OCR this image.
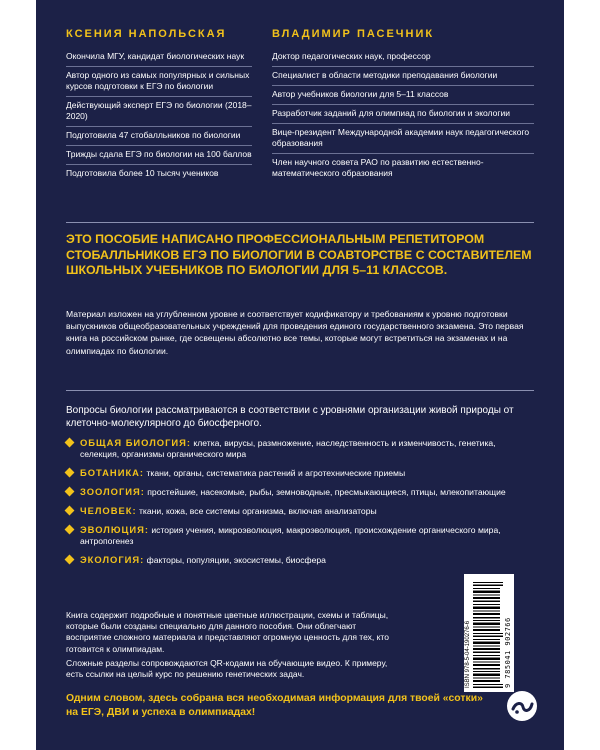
КСЕНИЯ НАПОЛЬСКАЯ
Окончила МГУ, кандидат биологических наук
Автор одного из самых популярных и сильных курсов подготовки к ЕГЭ по биологии
Действующий эксперт ЕГЭ по биологии (2018–2020)
Подготовила 47 стобалльников по биологии
Трижды сдала ЕГЭ по биологии на 100 баллов
Подготовила более 10 тысяч учеников
ВЛАДИМИР ПАСЕЧНИК
Доктор педагогических наук, профессор
Специалист в области методики преподавания биологии
Автор учебников биологии для 5–11 классов
Разработчик заданий для олимпиад по биологии и экологии
Вице-президент Международной академии наук педагогического образования
Член научного совета РАО по развитию естественно-математического образования

ЭТО ПОСОБИЕ НАПИСАНО ПРОФЕССИОНАЛЬНЫМ РЕПЕТИТОРОМ СТОБАЛЛЬНИКОВ ЕГЭ ПО БИОЛОГИИ В СОАВТОРСТВЕ С СОСТАВИТЕЛЕМ ШКОЛЬНЫХ УЧЕБНИКОВ ПО БИОЛОГИИ ДЛЯ 5–11 КЛАССОВ.

Материал изложен на углубленном уровне и соответствует кодификатору и требованиям к уровню подготовки выпускников общеобразовательных учреждений для проведения единого государственного экзамена. Это первая книга на российском рынке, где освещены абсолютно все темы, которые могут встретиться на экзаменах и на олимпиадах по биологии.

Вопросы биологии рассматриваются в соответствии с уровнями организации живой природы от клеточно-молекулярного до биосферного.

ОБЩАЯ БИОЛОГИЯ: клетка, вирусы, размножение, наследственность и изменчивость, генетика, селекция, организмы органического мира
БОТАНИКА: ткани, органы, систематика растений и агротехнические приемы
ЗООЛОГИЯ: простейшие, насекомые, рыбы, земноводные, пресмыкающиеся, птицы, млекопитающие
ЧЕЛОВЕК: ткани, кожа, все системы организма, включая анализаторы
ЭВОЛЮЦИЯ: история учения, микроэволюция, макроэволюция, происхождение органического мира, антропогенез
ЭКОЛОГИЯ: факторы, популяции, экосистемы, биосфера

Книга содержит подробные и понятные цветные иллюстрации, схемы и таблицы, которые были созданы специально для данного пособия. Они облегчают восприятие сложного материала и представляют огромную ценность для тех, кто готовится к олимпиадам.

Сложные разделы сопровождаются QR-кодами на обучающие видео. К примеру, есть ссылки на целый курс по решению генетических задач.

Одним словом, здесь собрана вся необходимая информация для твоей «сотки» на ЕГЭ, ДВИ и успеха в олимпиадах!

ISBN 978-5-04-190276-6	9 785041 902766
